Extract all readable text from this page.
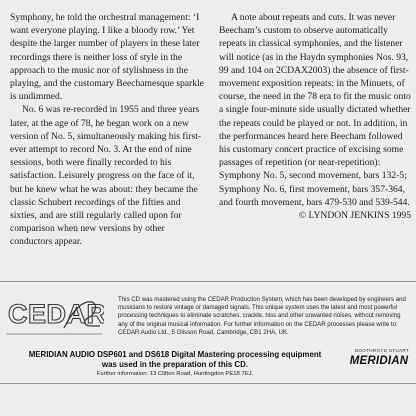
Symphony, he told the orchestral management: ‘I want everyone playing. I like a bloody row.’ Yet despite the larger number of players in these later recordings there is neither loss of style in the approach to the music nor of stylishness in the playing, and the customary Beechamesque sparkle is undimmed.

No. 6 was re-recorded in 1955 and three years later, at the age of 78, he began work on a new version of No. 5, simultaneously making his first-ever attempt to record No. 3. At the end of nine sessions, both were finally recorded to his satisfaction. Leisurely progress on the face of it, but he knew what he was about: they became the classic Schubert recordings of the fifties and sixties, and are still regularly called upon for comparison when new versions by other conductors appear.

A note about repeats and cuts. It was never Beecham’s custom to observe automatically repeats in classical symphonies, and the listener will notice (as in the Haydn symphonies Nos. 93, 99 and 104 on 2CDAX2003) the absence of first-movement exposition repeats; in the Minuets, of course, the need in the 78 era to fit the music onto a single four-minute side usually dictated whether the repeats could be played or not. In addition, in the performances heard here Beecham followed his customary concert practice of excising some passages of repetition (or near-repetition): Symphony No. 5, second movement, bars 132-5; Symphony No. 6, first movement, bars 357-364, and fourth movement, bars 479-530 and 539-544.

© LYNDON JENKINS 1995

CEDAR This CD was mastered using the CEDAR Production System, which has been developed by engineers and musicians to restore vintage or damaged signals. This unique system uses the latest and most powerful processing techniques to eliminate scratches, crackle, hiss and other unwanted noises, without removing any of the original musical information. For further information on the CEDAR processes please write to: CEDAR Audio Ltd., 5 Glisson Road, Cambridge, CB1 2HA, UK.
MERIDIAN AUDIO DSP601 and DS618 Digital Mastering processing equipment
was used in the preparation of this CD.
Further information: 13 Clifton Road, Huntingdon PE18 7EJ.
BOOTHROYD STUART
MERIDIAN
